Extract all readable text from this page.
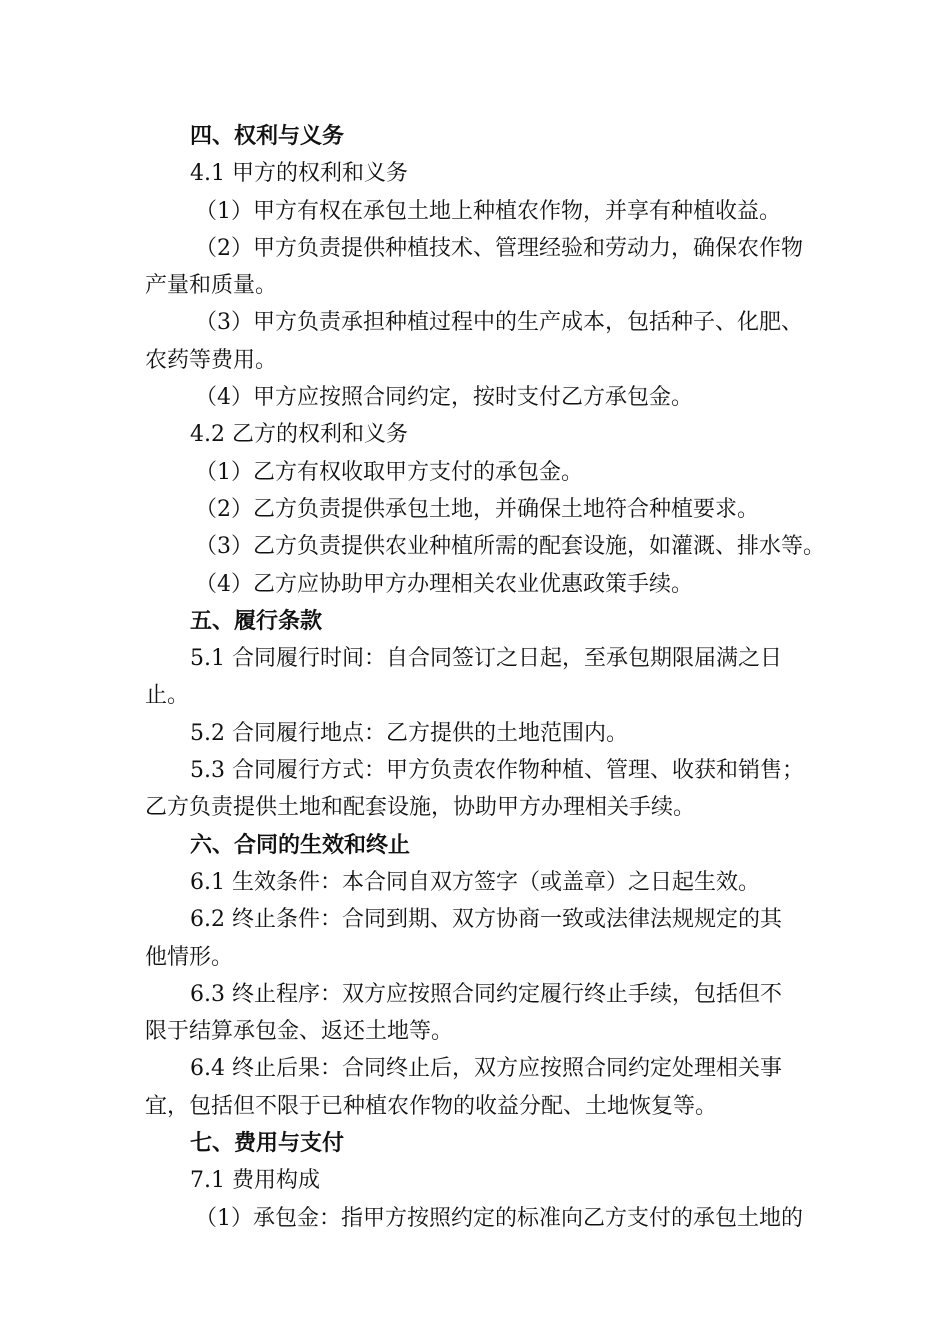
四、权利与义务
4.1 甲方的权利和义务
（1）甲方有权在承包土地上种植农作物，并享有种植收益。
（2）甲方负责提供种植技术、管理经验和劳动力，确保农作物
产量和质量。
（3）甲方负责承担种植过程中的生产成本，包括种子、化肥、
农药等费用。
（4）甲方应按照合同约定，按时支付乙方承包金。
4.2 乙方的权利和义务
（1）乙方有权收取甲方支付的承包金。
（2）乙方负责提供承包土地，并确保土地符合种植要求。
（3）乙方负责提供农业种植所需的配套设施，如灌溉、排水等。
（4）乙方应协助甲方办理相关农业优惠政策手续。
五、履行条款
5.1 合同履行时间：自合同签订之日起，至承包期限届满之日
止。
5.2 合同履行地点：乙方提供的土地范围内。
5.3 合同履行方式：甲方负责农作物种植、管理、收获和销售；
乙方负责提供土地和配套设施，协助甲方办理相关手续。
六、合同的生效和终止
6.1 生效条件：本合同自双方签字（或盖章）之日起生效。
6.2 终止条件：合同到期、双方协商一致或法律法规规定的其
他情形。
6.3 终止程序：双方应按照合同约定履行终止手续，包括但不
限于结算承包金、返还土地等。
6.4 终止后果：合同终止后，双方应按照合同约定处理相关事
宜，包括但不限于已种植农作物的收益分配、土地恢复等。
七、费用与支付
7.1 费用构成
（1）承包金：指甲方按照约定的标准向乙方支付的承包土地的
